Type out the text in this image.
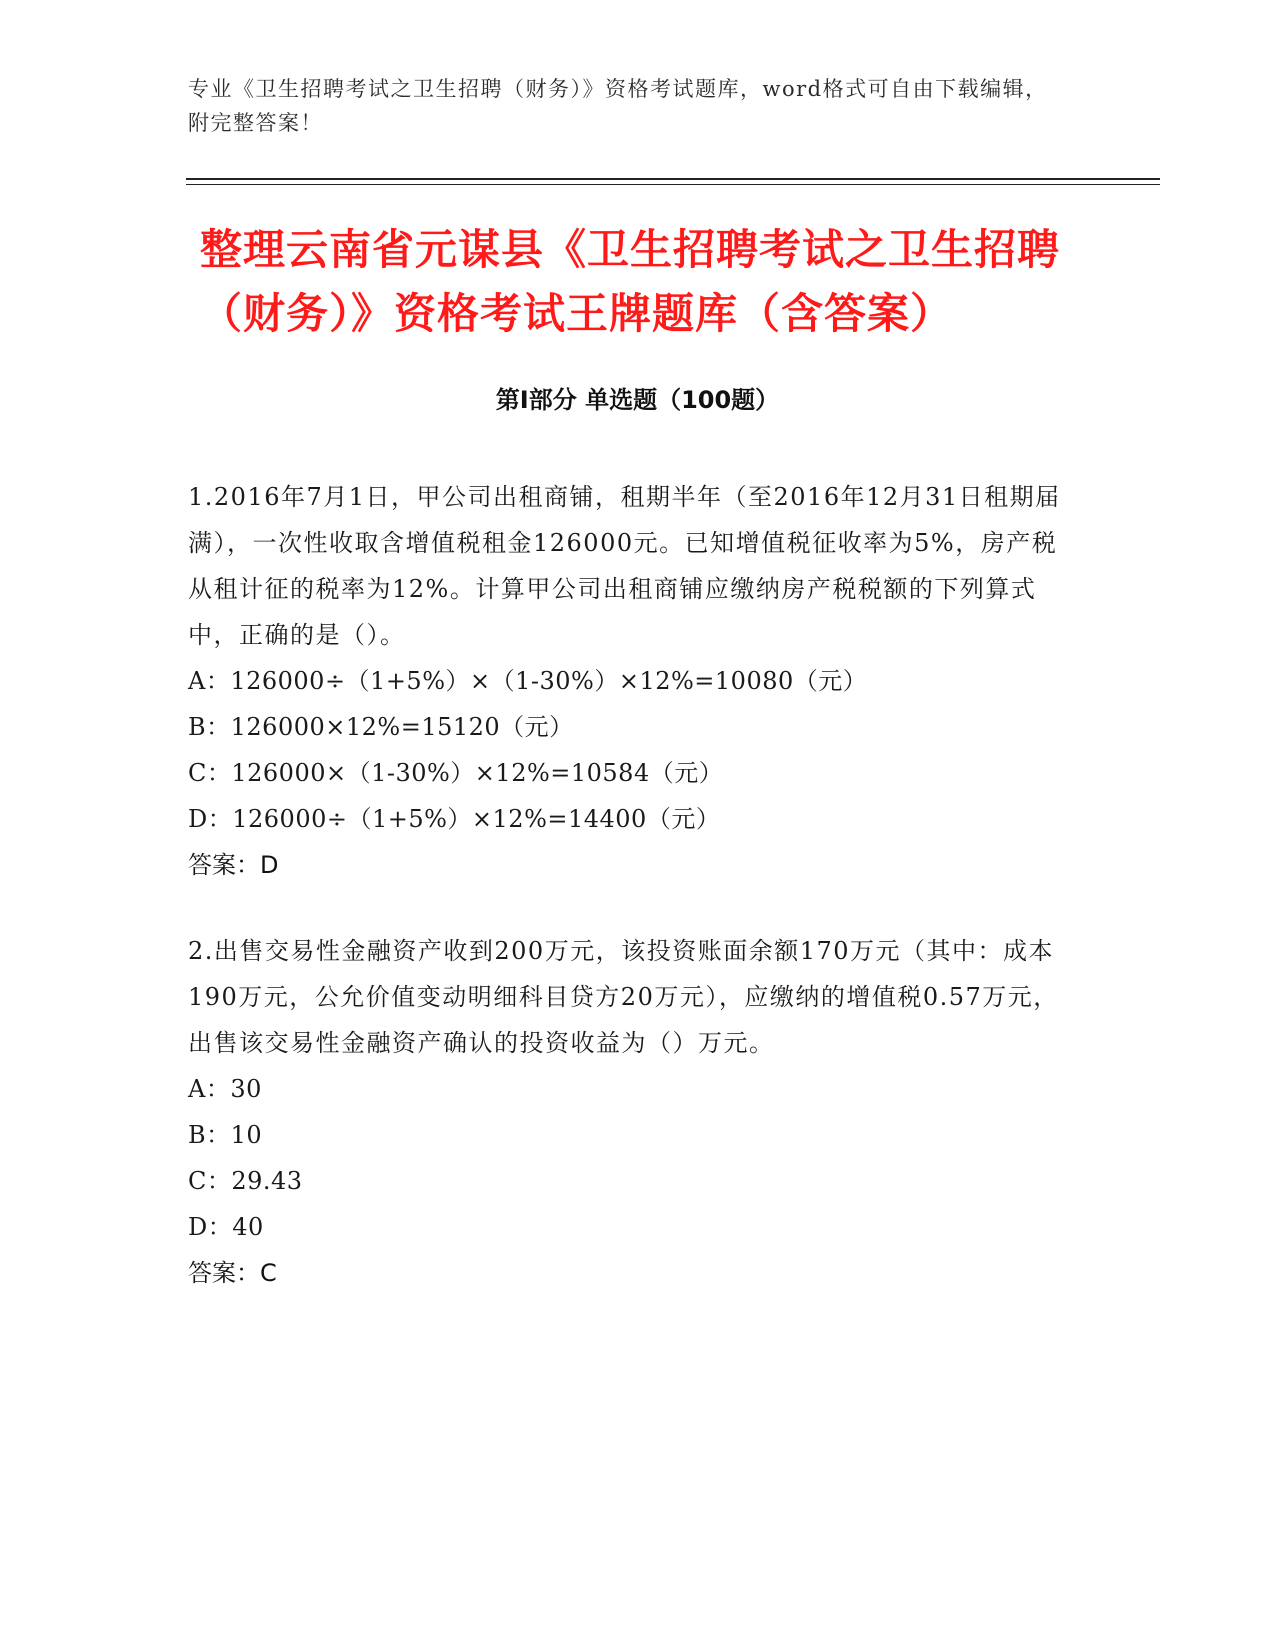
专业《卫生招聘考试之卫生招聘（财务）》资格考试题库，word格式可自由下载编辑，附完整答案！
整理云南省元谋县《卫生招聘考试之卫生招聘（财务）》资格考试王牌题库（含答案）
第Ⅰ部分 单选题（100题）

1.2016年7月1日，甲公司出租商铺，租期半年（至2016年12月31日租期届满），一次性收取含增值税租金126000元。已知增值税征收率为5%，房产税从租计征的税率为12%。计算甲公司出租商铺应缴纳房产税税额的下列算式中，正确的是（）。

A：126000÷（1+5%）×（1-30%）×12%=10080（元）

B：126000×12%=15120（元）

C：126000×（1-30%）×12%=10584（元）

D：126000÷（1+5%）×12%=14400（元）

答案：D

2.出售交易性金融资产收到200万元，该投资账面余额170万元（其中：成本190万元，公允价值变动明细科目贷方20万元），应缴纳的增值税0.57万元，出售该交易性金融资产确认的投资收益为（）万元。

A：30

B：10

C：29.43

D：40

答案：C
